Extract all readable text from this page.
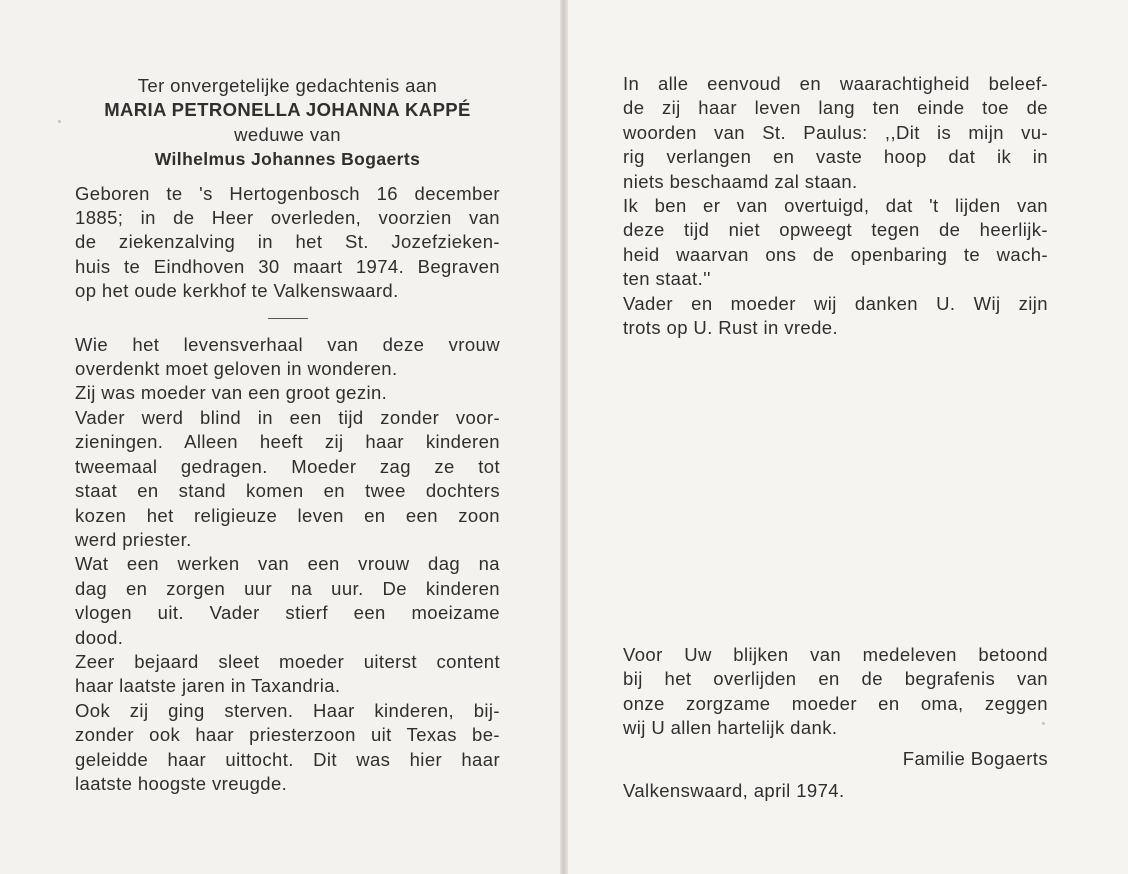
Ter onvergetelijke gedachtenis aan
MARIA PETRONELLA JOHANNA KAPPÉ
weduwe van
Wilhelmus Johannes Bogaerts
Geboren te 's Hertogenbosch 16 december
1885; in de Heer overleden, voorzien van
de ziekenzalving in het St. Jozefzieken-
huis te Eindhoven 30 maart 1974. Begraven
op het oude kerkhof te Valkenswaard.
Wie het levensverhaal van deze vrouw
overdenkt moet geloven in wonderen.
Zij was moeder van een groot gezin.
Vader werd blind in een tijd zonder voor-
zieningen. Alleen heeft zij haar kinderen
tweemaal gedragen. Moeder zag ze tot
staat en stand komen en twee dochters
kozen het religieuze leven en een zoon
werd priester.
Wat een werken van een vrouw dag na
dag en zorgen uur na uur. De kinderen
vlogen uit. Vader stierf een moeizame
dood.
Zeer bejaard sleet moeder uiterst content
haar laatste jaren in Taxandria.
Ook zij ging sterven. Haar kinderen, bij-
zonder ook haar priesterzoon uit Texas be-
geleidde haar uittocht. Dit was hier haar
laatste hoogste vreugde.
In alle eenvoud en waarachtigheid beleef-
de zij haar leven lang ten einde toe de
woorden van St. Paulus: ,,Dit is mijn vu-
rig verlangen en vaste hoop dat ik in
niets beschaamd zal staan.
Ik ben er van overtuigd, dat 't lijden van
deze tijd niet opweegt tegen de heerlijk-
heid waarvan ons de openbaring te wach-
ten staat.''
Vader en moeder wij danken U. Wij zijn
trots op U. Rust in vrede.
Voor Uw blijken van medeleven betoond
bij het overlijden en de begrafenis van
onze zorgzame moeder en oma, zeggen
wij U allen hartelijk dank.
Familie Bogaerts
Valkenswaard, april 1974.
